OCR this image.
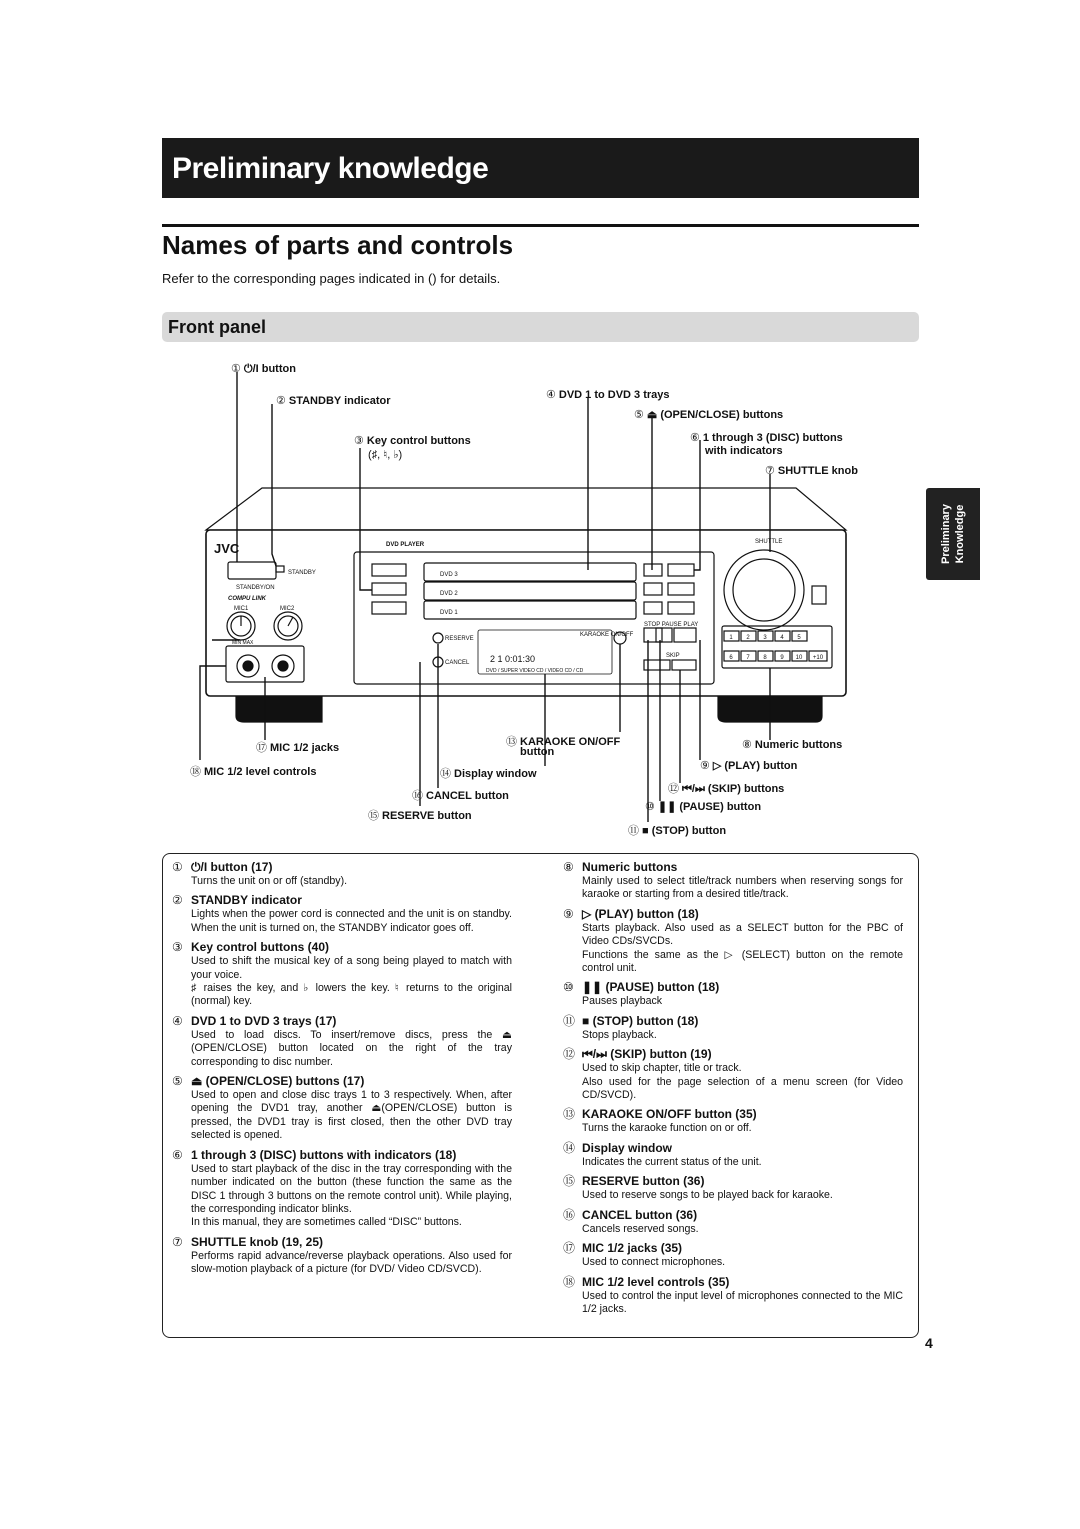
Preliminary knowledge
Names of parts and controls
Refer to the corresponding pages indicated in () for details.
Front panel
Preliminary Knowledge
JVC	DVD PLAYER
STANDBY
STANDBY/ON
COMPU LINK
SHUTTLE
DVD 3
DVD 2
DVD 1
STOP PAUSE PLAY
SKIP
RESERVE
CANCEL
KARAOKE ON/OFF
2 1 0:01:30
DVD / SUPER VIDEO CD / VIDEO CD / CD
MIC1	MIC2
MIN MAX
1 2 3 4 5
6 7 8 9 10 +10
① ⏻/I button
② STANDBY indicator
③ Key control buttons
(♯, ♮, ♭)
④ DVD 1 to DVD 3 trays
⑤ ⏏ (OPEN/CLOSE) buttons
⑥ 1 through 3 (DISC) buttons
with indicators
⑦ SHUTTLE knob
⑧ Numeric buttons
⑨ ▷ (PLAY) button
⑫ ⏮/⏭ (SKIP) buttons
⑩ ❚❚ (PAUSE) button
⑪ ■ (STOP) button
⑬ KARAOKE ON/OFF
button
⑭ Display window
⑯ CANCEL button
⑮ RESERVE button
⑰ MIC 1/2 jacks
⑱ MIC 1/2 level controls
① ⏻/I button (17)
Turns the unit on or off (standby).
② STANDBY indicator
Lights when the power cord is connected and the unit is on standby. When the unit is turned on, the STANDBY indicator goes off.
③ Key control buttons (40)
Used to shift the musical key of a song being played to match with your voice.
♯ raises the key, and ♭ lowers the key. ♮ returns to the original (normal) key.
④ DVD 1 to DVD 3 trays (17)
Used to load discs. To insert/remove discs, press the ⏏ (OPEN/CLOSE) button located on the right of the tray corresponding to disc number.
⑤ ⏏ (OPEN/CLOSE) buttons (17)
Used to open and close disc trays 1 to 3 respectively. When, after opening the DVD1 tray, another ⏏(OPEN/CLOSE) button is pressed, the DVD1 tray is first closed, then the other DVD tray selected is opened.
⑥ 1 through 3 (DISC) buttons with indicators (18)
Used to start playback of the disc in the tray corresponding with the number indicated on the button (these function the same as the DISC 1 through 3 buttons on the remote control unit). While playing, the corresponding indicator blinks.
In this manual, they are sometimes called “DISC” buttons.
⑦ SHUTTLE knob (19, 25)
Performs rapid advance/reverse playback operations. Also used for slow-motion playback of a picture (for DVD/ Video CD/SVCD).
⑧ Numeric buttons
Mainly used to select title/track numbers when reserving songs for karaoke or starting from a desired title/track.
⑨ ▷ (PLAY) button (18)
Starts playback. Also used as a SELECT button for the PBC of Video CDs/SVCDs.
Functions the same as the ▷ (SELECT) button on the remote control unit.
⑩ ❚❚ (PAUSE) button (18)
Pauses playback
⑪ ■ (STOP) button (18)
Stops playback.
⑫ ⏮/⏭ (SKIP) button (19)
Used to skip chapter, title or track.
Also used for the page selection of a menu screen (for Video CD/SVCD).
⑬ KARAOKE ON/OFF button (35)
Turns the karaoke function on or off.
⑭ Display window
Indicates the current status of the unit.
⑮ RESERVE button (36)
Used to reserve songs to be played back for karaoke.
⑯ CANCEL button (36)
Cancels reserved songs.
⑰ MIC 1/2 jacks (35)
Used to connect microphones.
⑱ MIC 1/2 level controls (35)
Used to control the input level of microphones connected to the MIC 1/2 jacks.
4
